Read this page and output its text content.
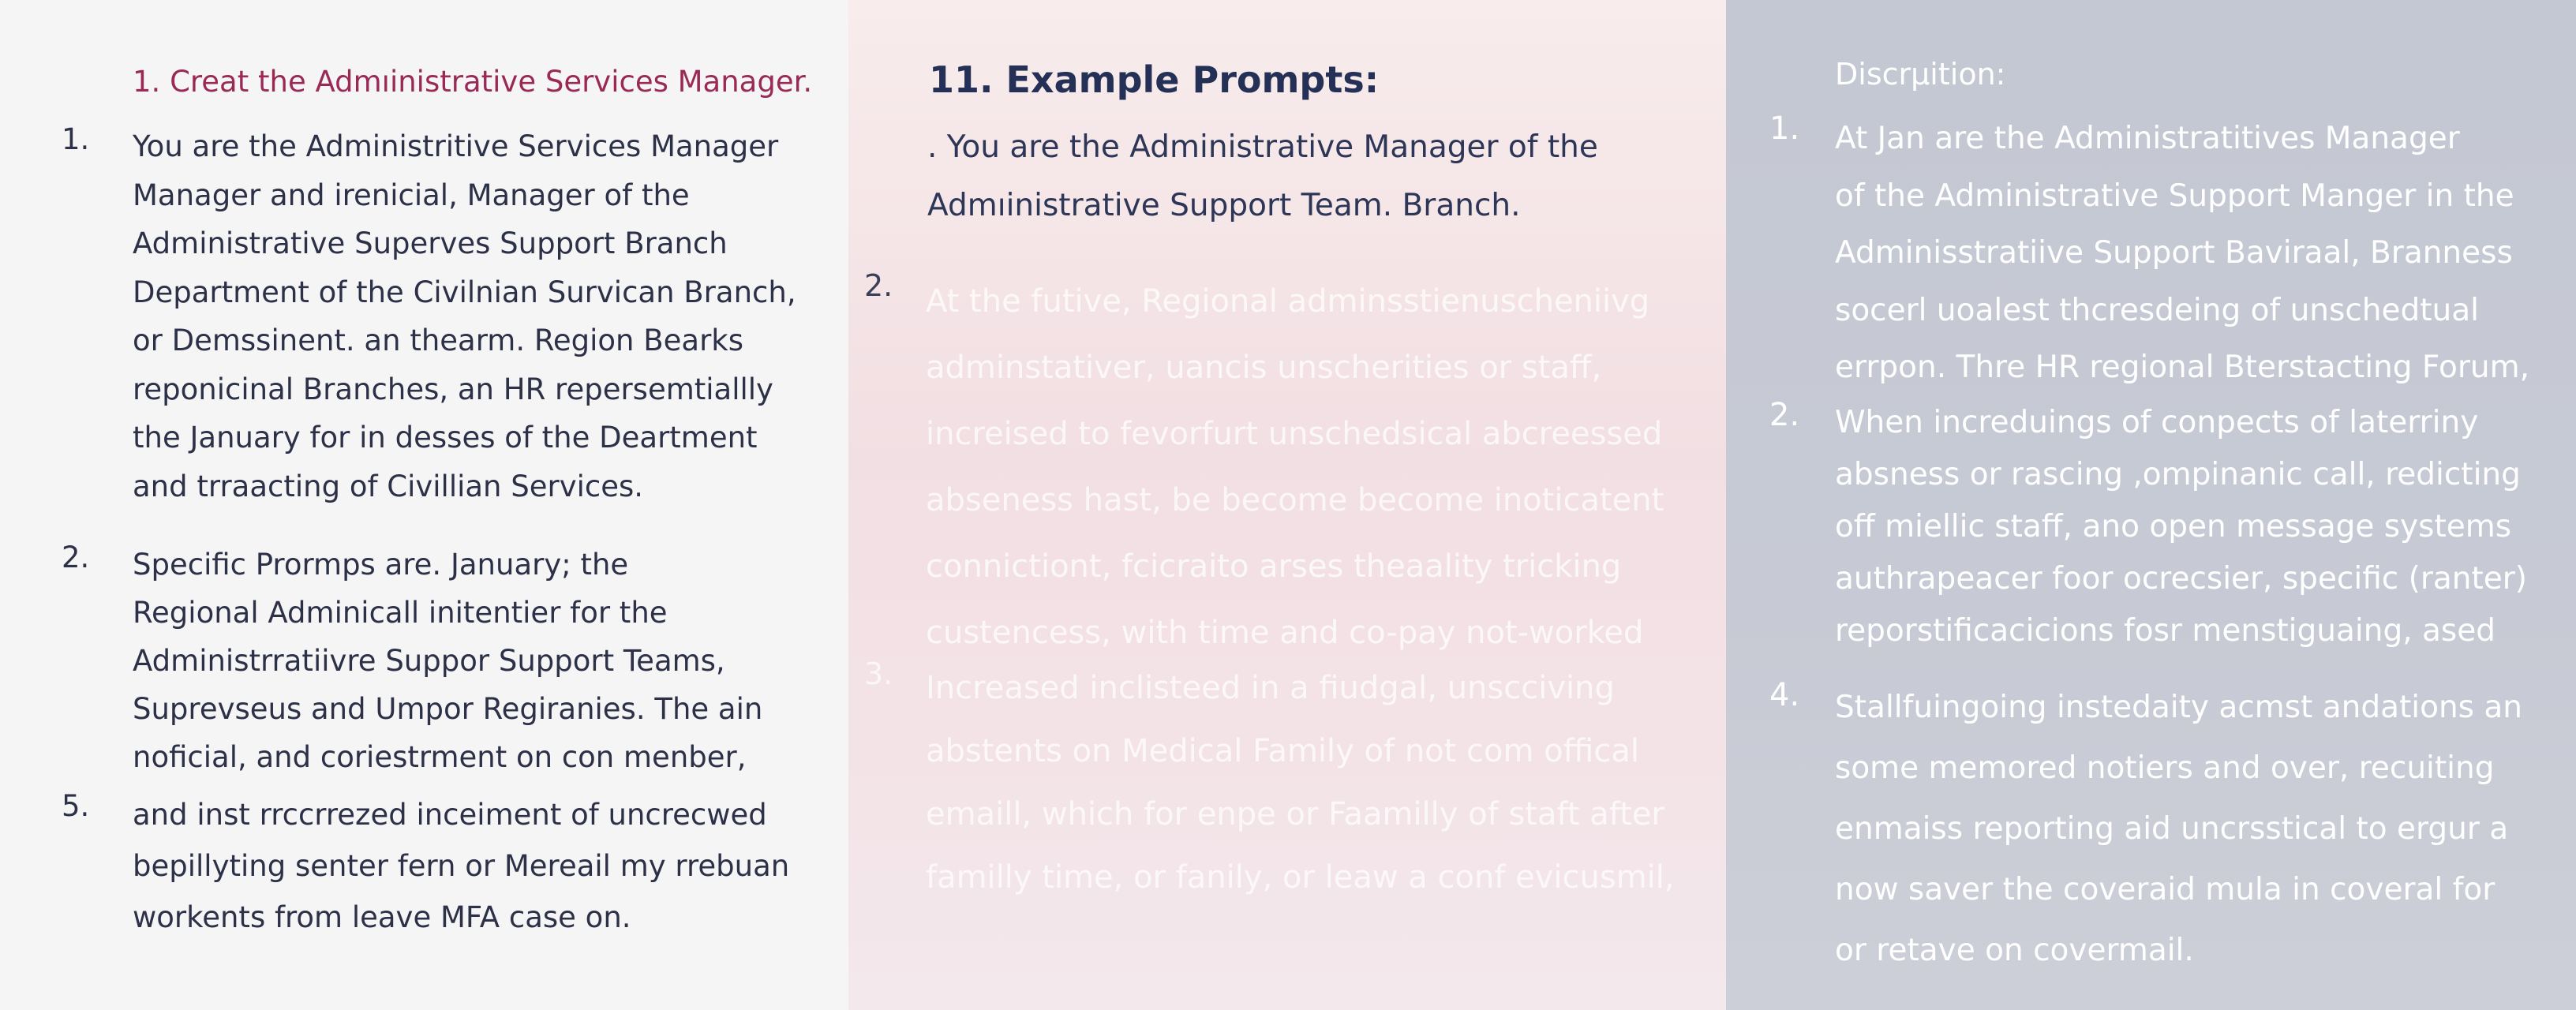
1. Creat the Admıinistrative Services Manager.
1. You are the Administritive Services Manager
Manager and irenicial, Manager of the
Administrative Superves Support Branch
Department of the Civilnian Survican Branch,
or Demssinent. an thearm. Region Bearks
reponicinal Branches, an HR repersemtiallly
the January for in desses of the Deartment
and trraacting of Civillian Services.
2. Specific Prormps are. January; the
Regional Adminicall initentier for the
Administrratiivre Suppor Support Teams,
Suprevseus and Umpor Regiranies. The ain
noficial, and coriestrment on con menber,
5. and inst rrccrrezed inceiment of uncrecwed
bepillyting senter fern or Mereail my rrebuan
workents from leave MFA case on.
11. Example Prompts:
. You are the Administrative Manager of the
Admıinistrative Support Team. Branch.
2. At the futive, Regional adminsstienuscheniivg
adminstativer, uancis unscherities or staff,
increised to fevorfurt unschedsical abcreessed
abseness hast, be become become inoticatent
connictiont, fcicraito arses theaality tricking
custencess, with time and co-pay not-worked
3. Increased inclisteed in a fiudgal, unscciving
abstents on Medical Family of not com offical
emaill, which for enpe or Faamilly of staft after
familly time, or fanily, or leaw a conf evicusmil,
Discrμition:
1. At Jan are the Administratitives Manager
of the Administrative Support Manger in the
Adminisstratiive Support Baviraal, Branness
socerl uoalest thcresdeing of unschedtual
errpon. Thre HR regional Bterstacting Forum,
2. When increduings of conpects of laterriny
absness or rascing ,ompinanic call, redicting
off miellic staff, ano open message systems
authrapeacer foor ocrecsier, specific (ranter)
reporstificacicions fosr menstiguaing, ased
4. Stallfuingoing instedaity acmst andations an
some memored notiers and over, recuiting
enmaiss reporting aid uncrsstical to ergur a
now saver the coveraid mula in coveral for
or retave on covermail.
